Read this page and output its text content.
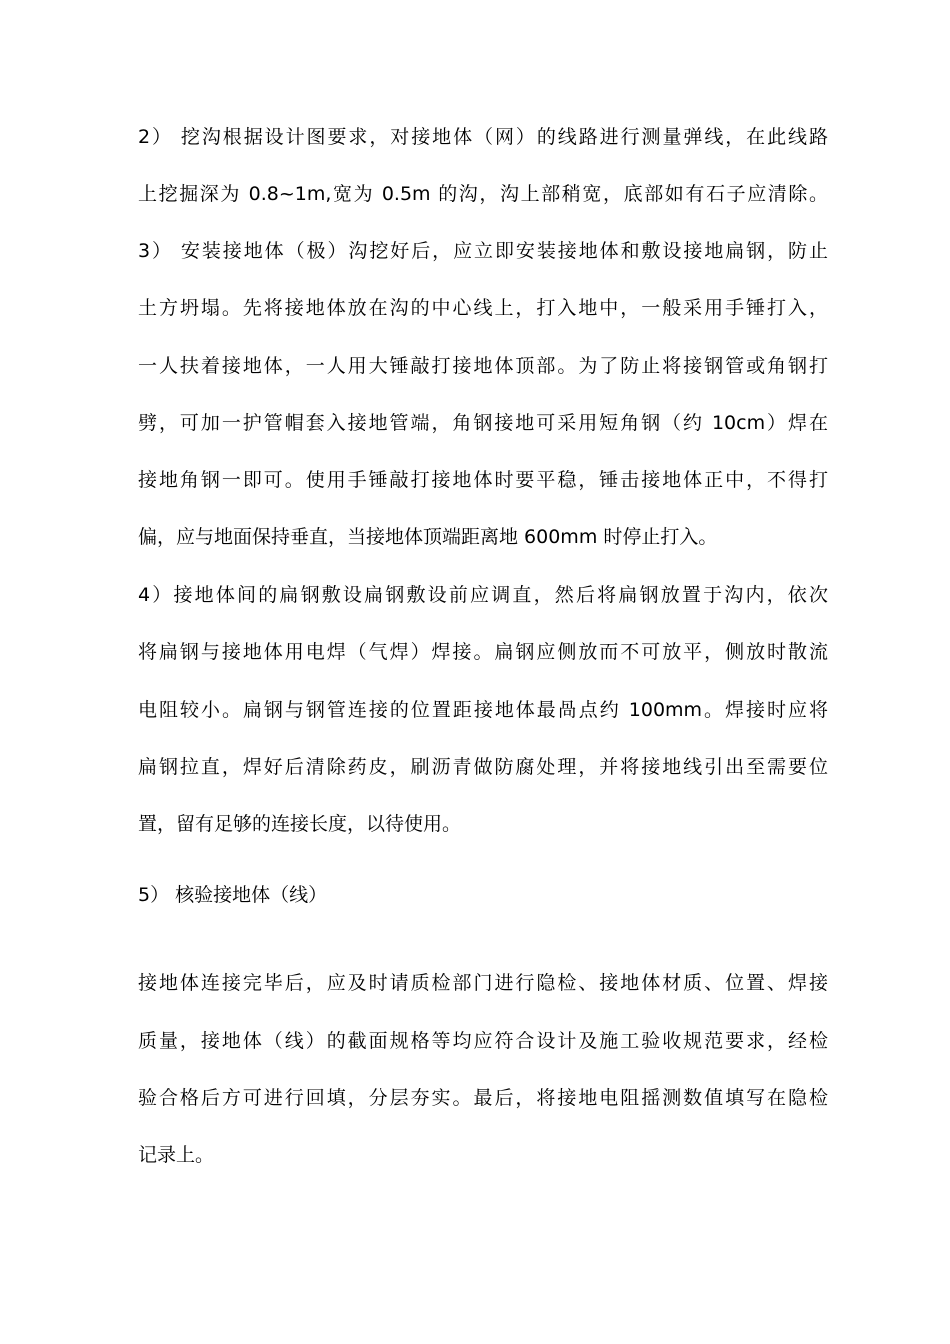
2） 挖沟根据设计图要求，对接地体（网）的线路进行测量弹线，在此线路
上挖掘深为 0.8~1m,宽为 0.5m 的沟，沟上部稍宽，底部如有石子应清除。
3） 安装接地体（极）沟挖好后，应立即安装接地体和敷设接地扁钢，防止
土方坍塌。先将接地体放在沟的中心线上，打入地中，一般采用手锤打入，
一人扶着接地体，一人用大锤敲打接地体顶部。为了防止将接钢管或角钢打
劈，可加一护管帽套入接地管端，角钢接地可采用短角钢（约 10cm）焊在
接地角钢一即可。使用手锤敲打接地体时要平稳，锤击接地体正中，不得打
偏，应与地面保持垂直，当接地体顶端距离地 600mm 时停止打入。
4）接地体间的扁钢敷设扁钢敷设前应调直，然后将扁钢放置于沟内，依次
将扁钢与接地体用电焊（气焊）焊接。扁钢应侧放而不可放平，侧放时散流
电阻较小。扁钢与钢管连接的位置距接地体最咼点约 100mm。焊接时应将
扁钢拉直，焊好后清除药皮，刷沥青做防腐处理，并将接地线引出至需要位
置，留有足够的连接长度，以待使用。
5） 核验接地体（线）
接地体连接完毕后，应及时请质检部门进行隐检、接地体材质、位置、焊接
质量，接地体（线）的截面规格等均应符合设计及施工验收规范要求，经检
验合格后方可进行回填，分层夯实。最后，将接地电阻摇测数值填写在隐检
记录上。
